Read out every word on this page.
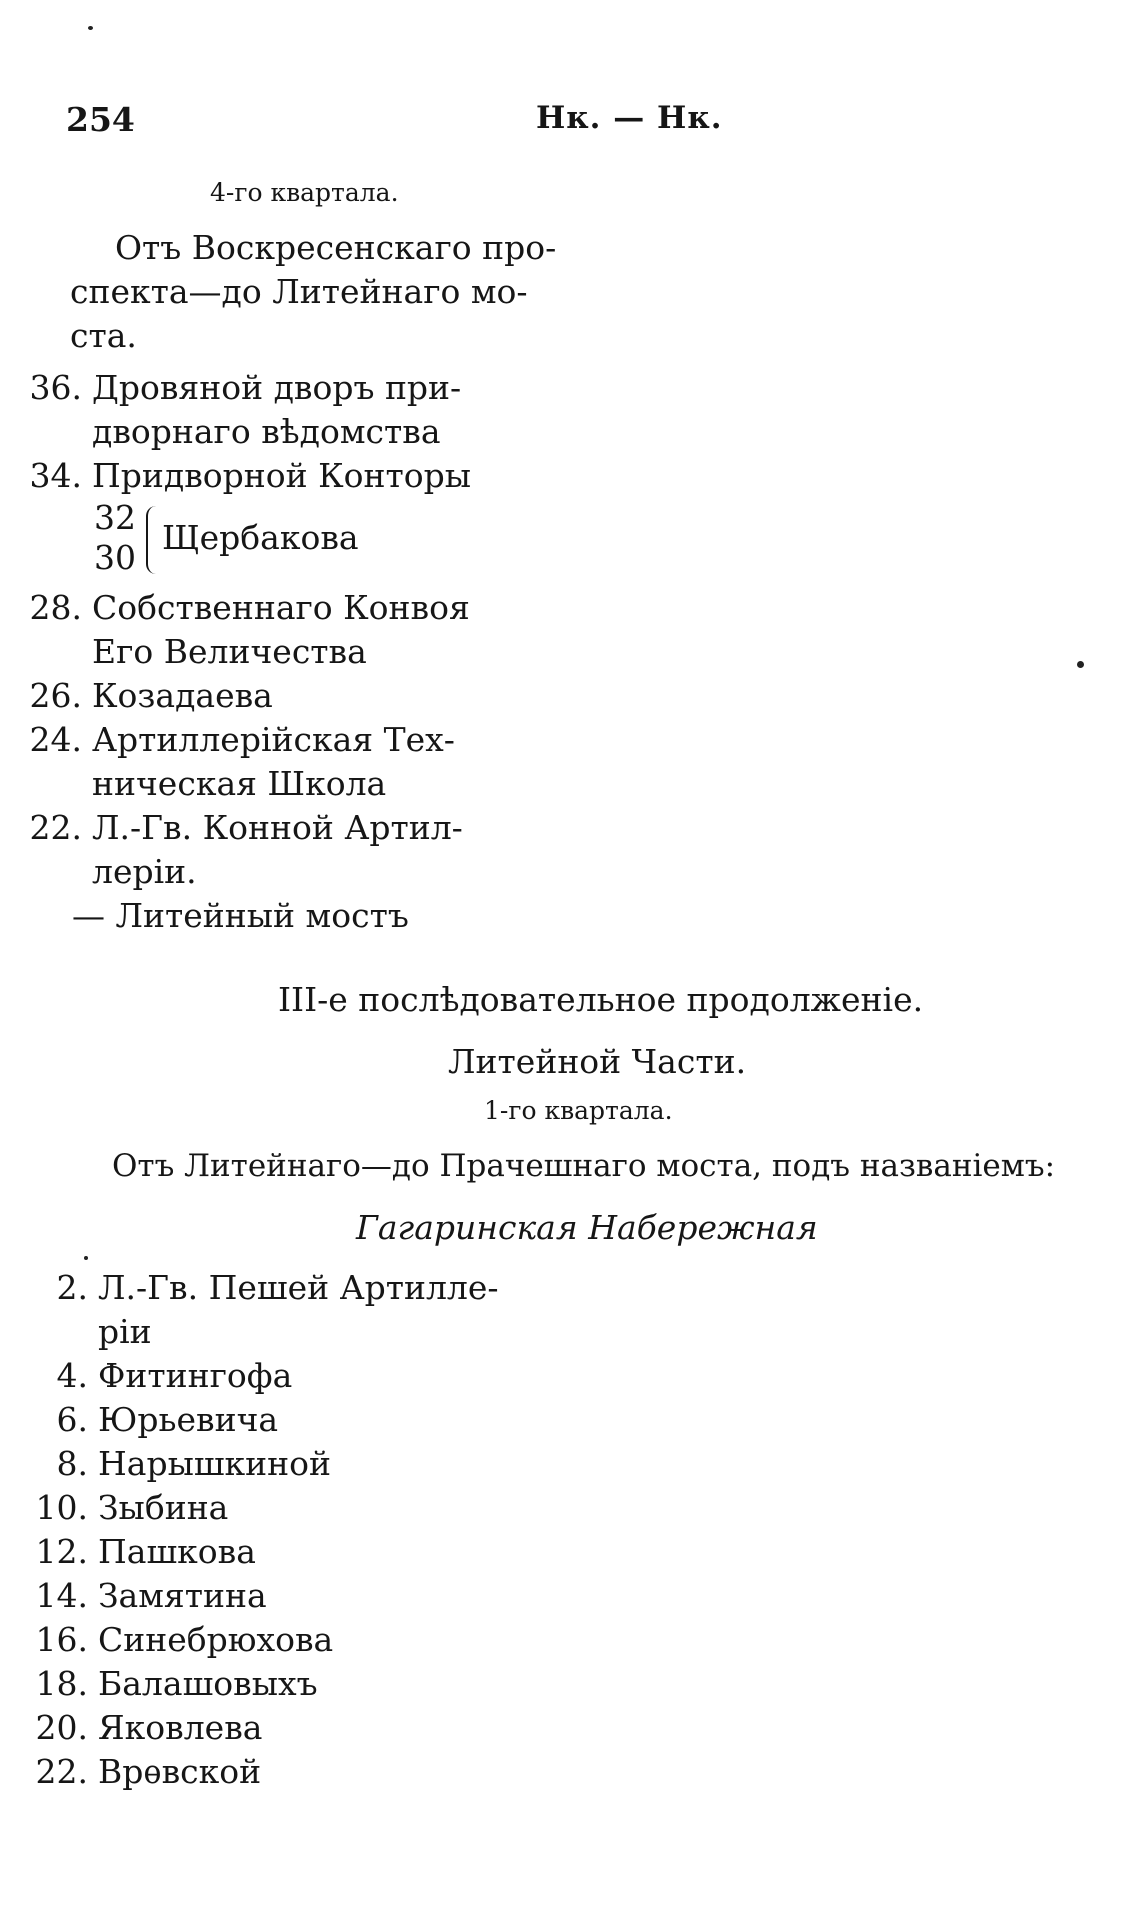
254	Нк. — Нк.
4-го квартала.
Отъ Воскресенскаго про-
спекта—до Литейнаго мо-
ста.
36. Дровяной дворъ при-
дворнаго вѣдомства
34. Придворной Конторы
32
30
Щербакова
28. Собственнаго Конвоя
Его Величества
26. Козадаева
24. Артиллерійская Тех-
ническая Школа
22. Л.-Гв. Конной Артил-
леріи.
— Литейный мостъ
III-е послѣдовательное продолженіе.
Литейной Части.
1-го квартала.
Отъ Литейнаго—до Прачешнаго моста, подъ названіемъ:
Гагаринская Набережная
2. Л.-Гв. Пешей Артилле-
ріи
4. Фитингофа
6. Юрьевича
8. Нарышкиной
10. Зыбина
12. Пашкова
14. Замятина
16. Синебрюхова
18. Балашовыхъ
20. Яковлева
22. Врѳвской
